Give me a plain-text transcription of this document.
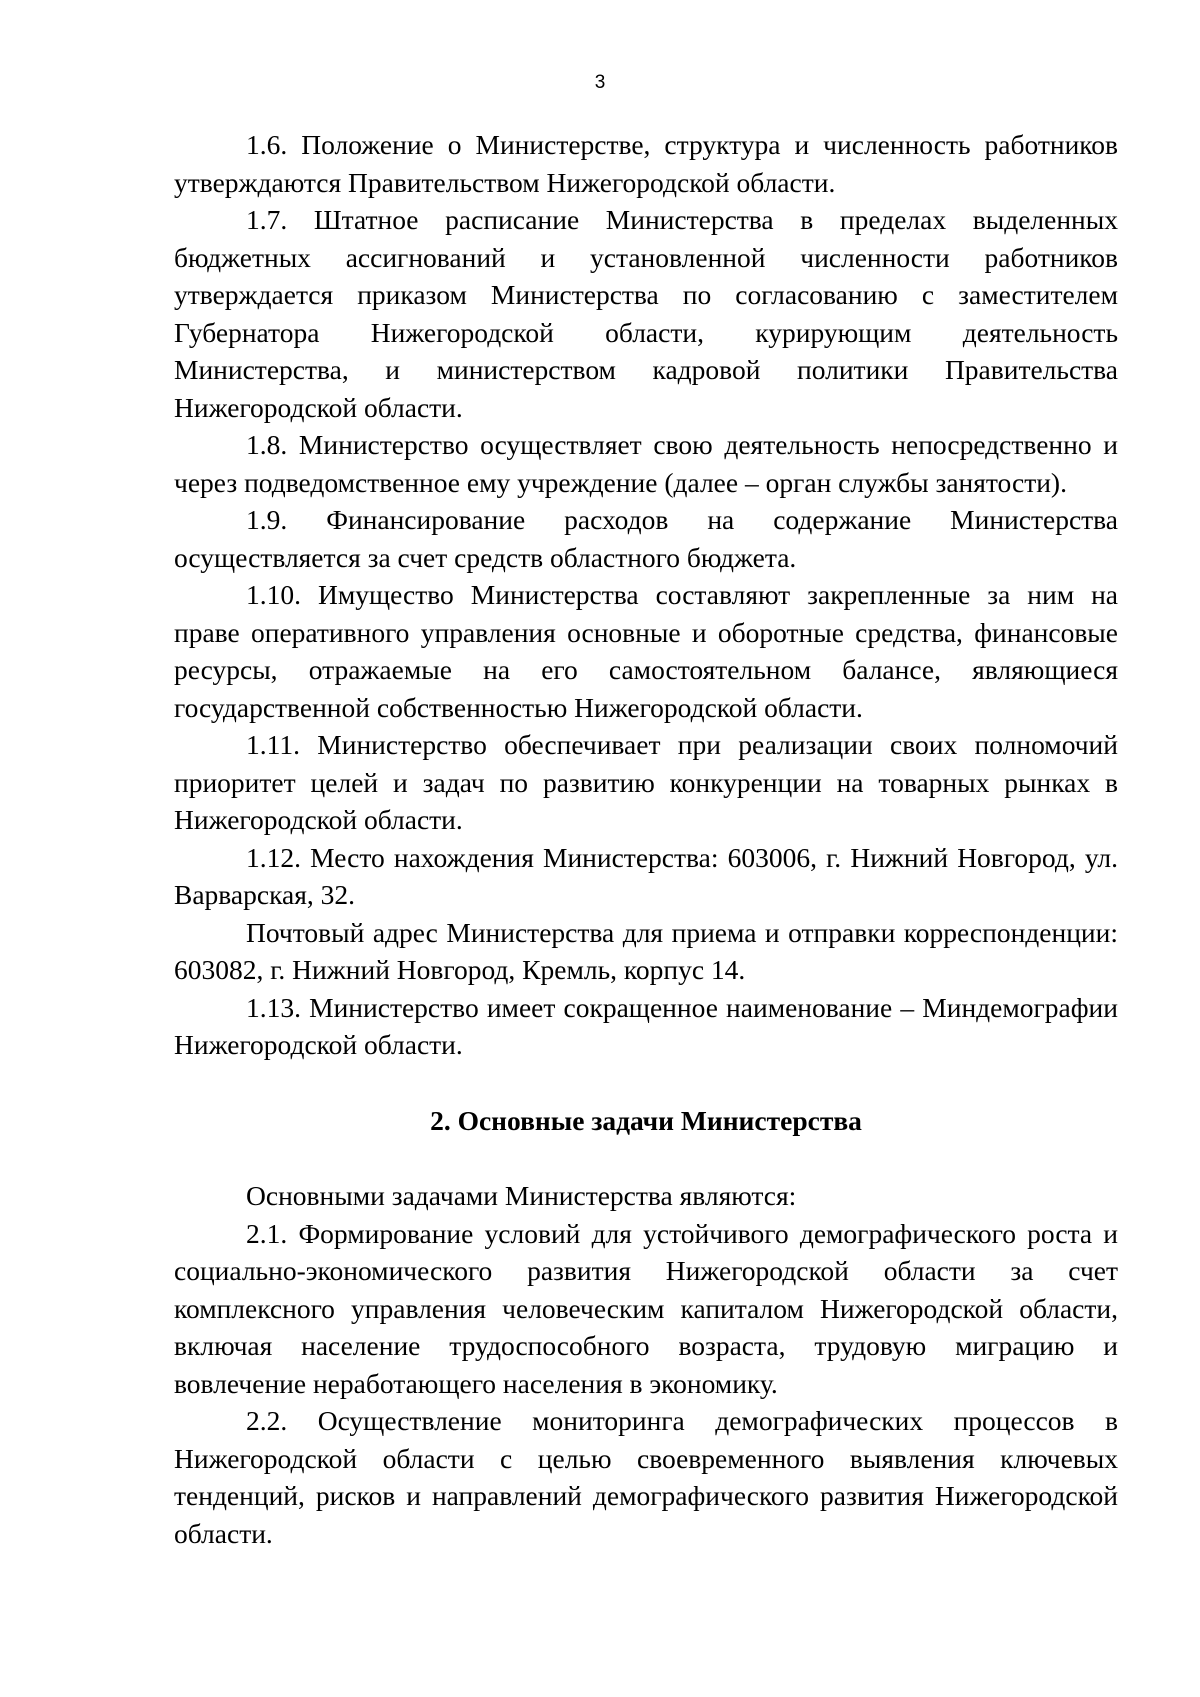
3

1.6. Положение о Министерстве, структура и численность работников утверждаются Правительством Нижегородской области.

1.7. Штатное расписание Министерства в пределах выделенных бюджетных ассигнований и установленной численности работников утверждается приказом Министерства по согласованию с заместителем Губернатора Нижегородской области, курирующим деятельность Министерства, и министерством кадровой политики Правительства Нижегородской области.

1.8. Министерство осуществляет свою деятельность непосредственно и через подведомственное ему учреждение (далее – орган службы занятости).

1.9. Финансирование расходов на содержание Министерства осуществляется за счет средств областного бюджета.

1.10. Имущество Министерства составляют закрепленные за ним на праве оперативного управления основные и оборотные средства, финансовые ресурсы, отражаемые на его самостоятельном балансе, являющиеся государственной собственностью Нижегородской области.

1.11. Министерство обеспечивает при реализации своих полномочий приоритет целей и задач по развитию конкуренции на товарных рынках в Нижегородской области.

1.12. Место нахождения Министерства: 603006, г. Нижний Новгород, ул. Варварская, 32.

Почтовый адрес Министерства для приема и отправки корреспонденции: 603082, г. Нижний Новгород, Кремль, корпус 14.

1.13. Министерство имеет сокращенное наименование – Миндемографии Нижегородской области.

2. Основные задачи Министерства

Основными задачами Министерства являются:

2.1. Формирование условий для устойчивого демографического роста и социально-экономического развития Нижегородской области за счет комплексного управления человеческим капиталом Нижегородской области, включая население трудоспособного возраста, трудовую миграцию и вовлечение неработающего населения в экономику.

2.2. Осуществление мониторинга демографических процессов в Нижегородской области с целью своевременного выявления ключевых тенденций, рисков и направлений демографического развития Нижегородской области.
